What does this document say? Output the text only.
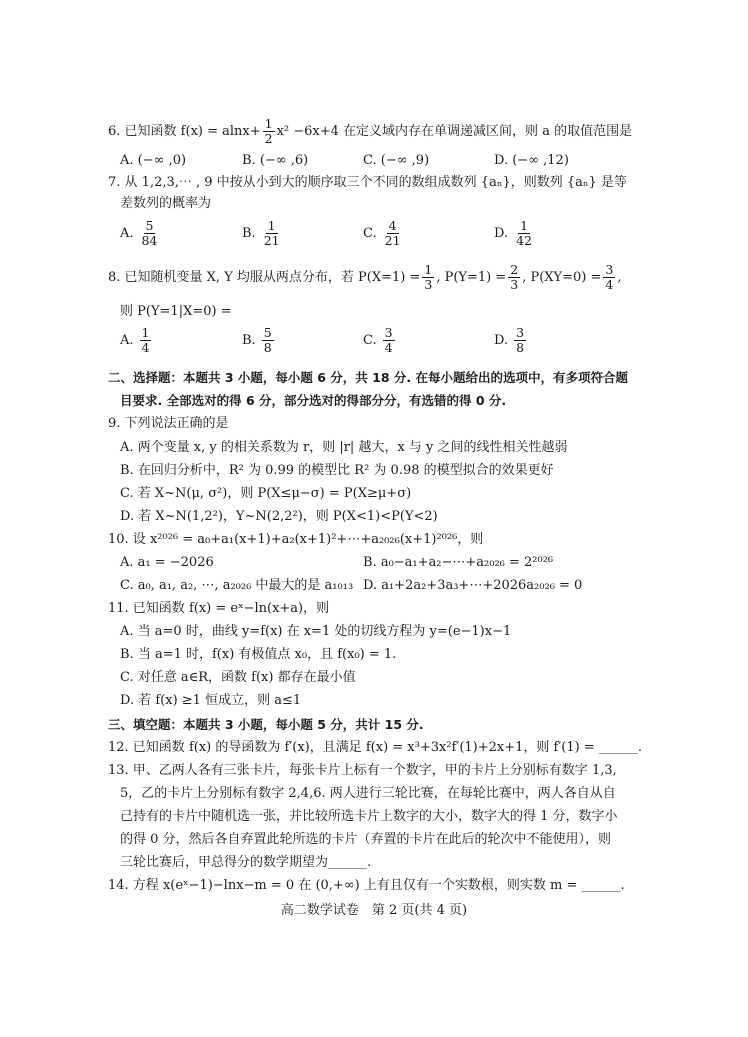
6. 已知函数 $f(x) = alnx+ \frac{1}{2} x^2 -6x+4$ 在定义域内存在单调递减区间，则 a 的取值范围是
A. (−∞ ,0)	B. (−∞ ,6)	C. (−∞ ,9)	D. (−∞ ,12)
7. 从 1,2,3,⋯ , 9 中按从小到大的顺序取三个不同的数组成数列 {aₙ}，则数列 {aₙ} 是等
差数列的概率为
A. $\frac{5}{84}$	B. $\frac{1}{21}$	C. $\frac{4}{21}$	D. $\frac{1}{42}$
8. 已知随机变量 X, Y 均服从两点分布，若 $P(X=1) = \frac{1}{3}$ , $P(Y=1) = \frac{2}{3}$ , $P(XY=0) = \frac{3}{4}$ ,
则 P(Y=1|X=0) =
A. $\frac{1}{4}$	B. $\frac{5}{8}$	C. $\frac{3}{4}$	D. $\frac{3}{8}$
二、选择题：本题共 3 小题，每小题 6 分，共 18 分. 在每小题给出的选项中，有多项符合题
目要求. 全部选对的得 6 分，部分选对的得部分分，有选错的得 0 分.
9. 下列说法正确的是
A. 两个变量 x, y 的相关系数为 r，则 |r| 越大，x 与 y 之间的线性相关性越弱
B. 在回归分析中，R² 为 0.99 的模型比 R² 为 0.98 的模型拟合的效果更好
C. 若 X~N(μ, σ²)，则 P(X≤μ−σ) = P(X≥μ+σ)
D. 若 X~N(1,2²)，Y~N(2,2²)，则 P(X<1)<P(Y<2)
10. 设 x²⁰²⁶ = a₀+a₁(x+1)+a₂(x+1)²+⋯+a₂₀₂₆(x+1)²⁰²⁶，则
A. a₁ = −2026	B. a₀−a₁+a₂−⋯+a₂₀₂₆ = 2²⁰²⁶
C. a₀, a₁, a₂, ⋯, a₂₀₂₆ 中最大的是 a₁₀₁₃ D. a₁+2a₂+3a₃+⋯+2026a₂₀₂₆ = 0
11. 已知函数 f(x) = eˣ−ln(x+a)，则
A. 当 a=0 时，曲线 y=f(x) 在 x=1 处的切线方程为 y=(e−1)x−1
B. 当 a=1 时，f(x) 有极值点 x₀，且 f(x₀) = 1.
C. 对任意 a∈R，函数 f(x) 都存在最小值
D. 若 f(x) ≥1 恒成立，则 a≤1
三、填空题：本题共 3 小题，每小题 5 分，共计 15 分.
12. 已知函数 f(x) 的导函数为 f′(x)，且满足 f(x) = x³+3x²f′(1)+2x+1，则 f′(1) = ______.
13. 甲、乙两人各有三张卡片，每张卡片上标有一个数字，甲的卡片上分别标有数字 1,3,
5，乙的卡片上分别标有数字 2,4,6. 两人进行三轮比赛，在每轮比赛中，两人各自从自
己持有的卡片中随机选一张，并比较所选卡片上数字的大小，数字大的得 1 分，数字小
的得 0 分，然后各自弃置此轮所选的卡片（弃置的卡片在此后的轮次中不能使用），则
三轮比赛后，甲总得分的数学期望为______.
14. 方程 x(eˣ−1)−lnx−m = 0 在 (0,+∞) 上有且仅有一个实数根，则实数 m = ______.
高二数学试卷　第 2 页(共 4 页)
